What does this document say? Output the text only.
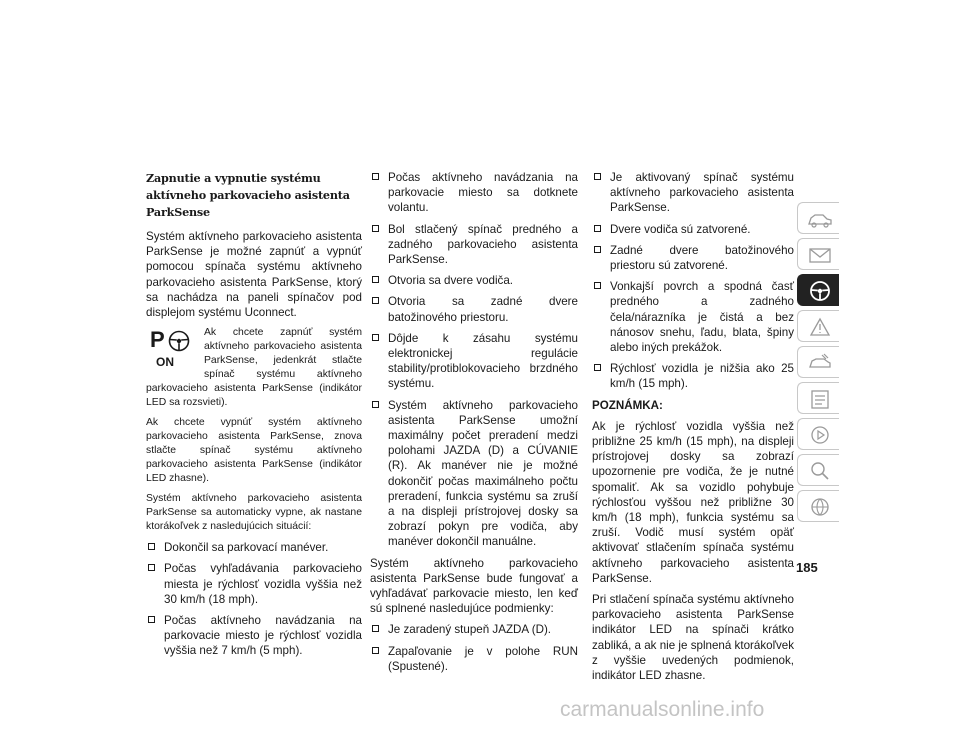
Zapnutie a vypnutie systému aktívneho parkovacieho asistenta ParkSense

Systém aktívneho parkovacieho asistenta ParkSense je možné zapnúť a vypnúť pomocou spínača systému aktívneho parkovacieho asistenta ParkSense, ktorý sa nachádza na paneli spínačov pod displejom systému Uconnect.

P
ON

Ak chcete zapnúť systém aktívneho parkovacieho asistenta ParkSense, jedenkrát stlačte spínač systému aktívneho parkovacieho asistenta ParkSense (indikátor LED sa rozsvieti).

Ak chcete vypnúť systém aktívneho parkovacieho asistenta ParkSense, znova stlačte spínač systému aktívneho parkovacieho asistenta ParkSense (indikátor LED zhasne).

Systém aktívneho parkovacieho asistenta ParkSense sa automaticky vypne, ak nastane ktorákoľvek z nasledujúcich situácií:

Dokončil sa parkovací manéver.
Počas vyhľadávania parkovacieho miesta je rýchlosť vozidla vyššia než 30 km/h (18 mph).
Počas aktívneho navádzania na parkovacie miesto je rýchlosť vozidla vyššia než 7 km/h (5 mph).
Počas aktívneho navádzania na parkovacie miesto sa dotknete volantu.
Bol stlačený spínač predného a zadného parkovacieho asistenta ParkSense.
Otvoria sa dvere vodiča.
Otvoria sa zadné dvere batožinového priestoru.
Dôjde k zásahu systému elektronickej regulácie stability/protiblokovacieho brzdného systému.
Systém aktívneho parkovacieho asistenta ParkSense umožní maximálny počet preradení medzi polohami JAZDA (D) a CÚVANIE (R). Ak manéver nie je možné dokončiť počas maximálneho počtu preradení, funkcia systému sa zruší a na displeji prístrojovej dosky sa zobrazí pokyn pre vodiča, aby manéver dokončil manuálne.

Systém aktívneho parkovacieho asistenta ParkSense bude fungovať a vyhľadávať parkovacie miesto, len keď sú splnené nasledujúce podmienky:

Je zaradený stupeň JAZDA (D).
Zapaľovanie je v polohe RUN (Spustené).
Je aktivovaný spínač systému aktívneho parkovacieho asistenta ParkSense.
Dvere vodiča sú zatvorené.
Zadné dvere batožinového priestoru sú zatvorené.
Vonkajší povrch a spodná časť predného a zadného čela/nárazníka je čistá a bez nánosov snehu, ľadu, blata, špiny alebo iných prekážok.
Rýchlosť vozidla je nižšia ako 25 km/h (15 mph).

POZNÁMKA:

Ak je rýchlosť vozidla vyššia než približne 25 km/h (15 mph), na displeji prístrojovej dosky sa zobrazí upozornenie pre vodiča, že je nutné spomaliť. Ak sa vozidlo pohybuje rýchlosťou vyššou než približne 30 km/h (18 mph), funkcia systému sa zruší. Vodič musí systém opäť aktivovať stlačením spínača systému aktívneho parkovacieho asistenta ParkSense.

Pri stlačení spínača systému aktívneho parkovacieho asistenta ParkSense indikátor LED na spínači krátko zabliká, a ak nie je splnená ktorákoľvek z vyššie uvedených podmienok, indikátor LED zhasne.

185
carmanualsonline.info
